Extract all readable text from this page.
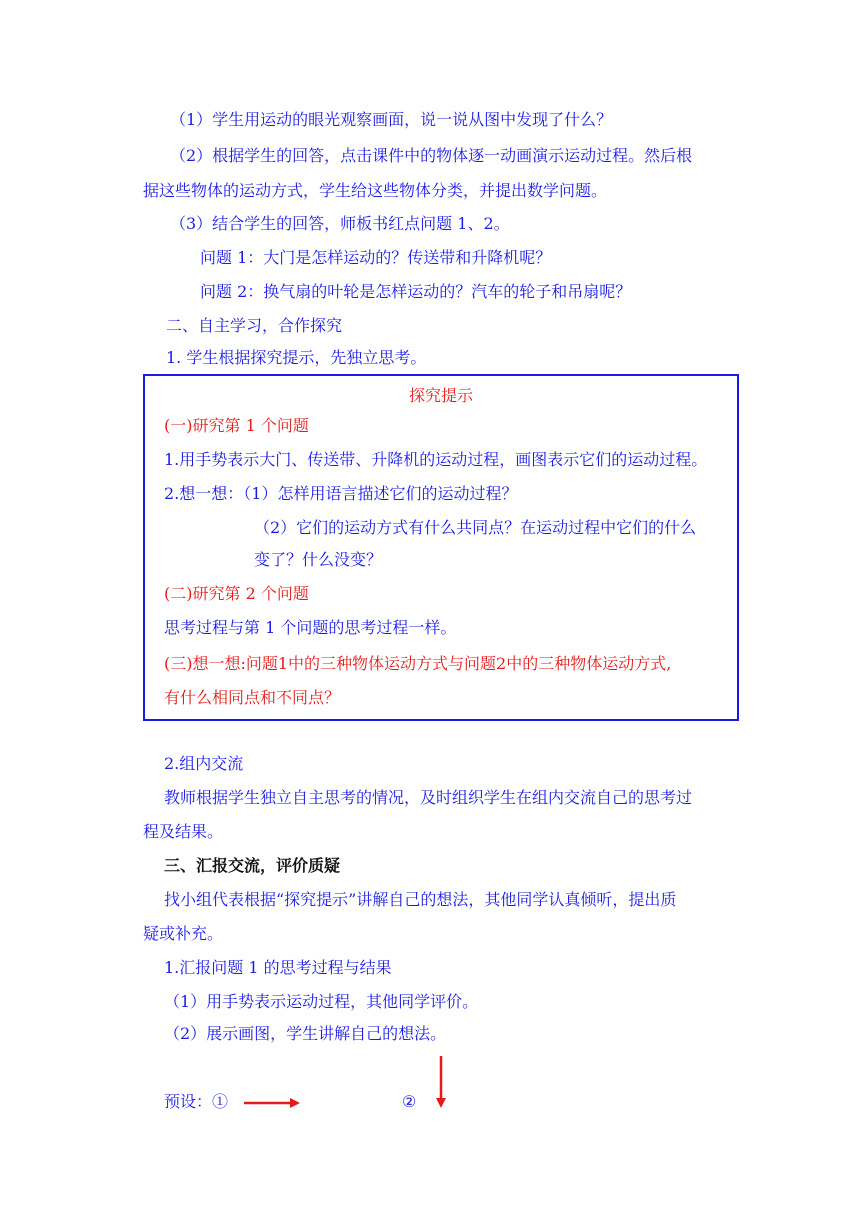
（1）学生用运动的眼光观察画面，说一说从图中发现了什么？
（2）根据学生的回答，点击课件中的物体逐一动画演示运动过程。然后根
据这些物体的运动方式，学生给这些物体分类，并提出数学问题。
（3）结合学生的回答，师板书红点问题 1、2。
问题 1：大门是怎样运动的？传送带和升降机呢？
问题 2：换气扇的叶轮是怎样运动的？汽车的轮子和吊扇呢？
二、自主学习，合作探究
1. 学生根据探究提示，先独立思考。
探究提示
(一)研究第 1 个问题
1.用手势表示大门、传送带、升降机的运动过程，画图表示它们的运动过程。
2.想一想：（1）怎样用语言描述它们的运动过程？
（2）它们的运动方式有什么共同点？在运动过程中它们的什么
变了？什么没变？
(二)研究第 2 个问题
思考过程与第 1 个问题的思考过程一样。
(三)想一想:问题1中的三种物体运动方式与问题2中的三种物体运动方式,
有什么相同点和不同点？
2.组内交流
教师根据学生独立自主思考的情况，及时组织学生在组内交流自己的思考过
程及结果。
三、汇报交流，评价质疑
找小组代表根据“探究提示”讲解自己的想法，其他同学认真倾听，提出质
疑或补充。
1.汇报问题 1 的思考过程与结果
（1）用手势表示运动过程，其他同学评价。
（2）展示画图，学生讲解自己的想法。
预设：①	②
